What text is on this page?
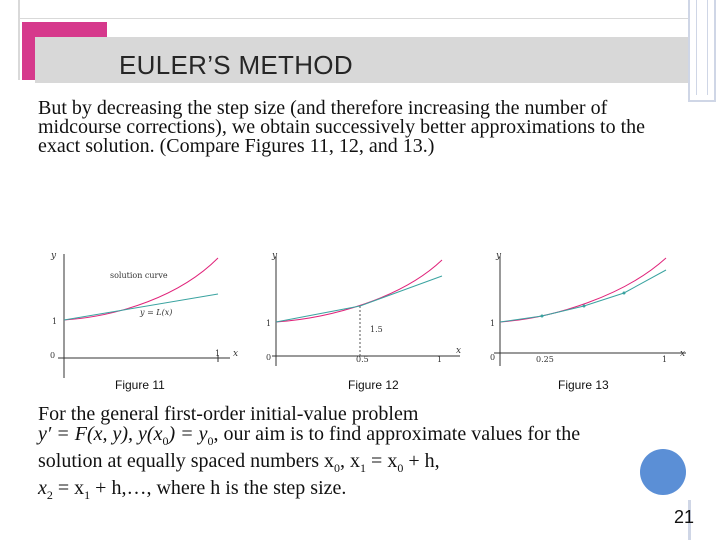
EULER’S METHOD
But by decreasing the step size (and therefore increasing the number of midcourse corrections), we obtain successively better approximations to the exact solution. (Compare Figures 11, 12, and 13.)
y
x
0
1
1
solution curve
y = L(x)
y
x
0
1
0.5	1
1.5
y
x
0
1
0.25	1
Figure 11	Figure 12	Figure 13
For the general first-order initial-value problem
y′ = F(x, y), $y(x_0) = y_0$, our aim is to find approximate values for the
solution at equally spaced numbers $x_0$, $x_1 = x_0 + h$,
$x_2 = x_1$ + h,…, where h is the step size.
21
